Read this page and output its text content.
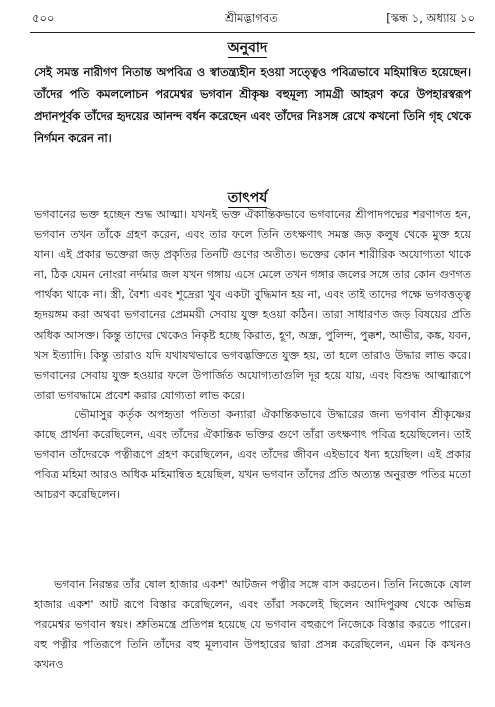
৫০০	শ্রীমদ্ভাগবত	[স্কন্ধ ১, অধ্যায় ১০
অনুবাদ

সেই সমস্ত নারীগণ নিতান্ত অপবিত্র ও স্বাতন্ত্র্যহীন হওয়া সত্ত্বেও পবিত্রভাবে মহিমান্বিত হয়েছেন। তাঁদের পতি কমললোচন পরমেশ্বর ভগবান শ্রীকৃষ্ণ বহুমূল্য সামগ্রী আহরণ করে উপহারস্বরূপ প্রদানপূর্বক তাঁদের হৃদয়ের আনন্দ বর্ধন করেছেন এবং তাঁদের নিঃসঙ্গ রেখে কখনো তিনি গৃহ থেকে নির্গমন করেন না।

তাৎপর্য

ভগবানের ভক্ত হচ্ছেন শুদ্ধ আত্মা। যখনই ভক্ত ঐকান্তিকভাবে ভগবানের শ্রীপাদপদ্মের শরণাগত হন, ভগবান তখন তাঁকে গ্রহণ করেন, এবং তার ফলে তিনি তৎক্ষণাৎ সমস্ত জড় কলুষ থেকে মুক্ত হয়ে যান। এই প্রকার ভক্তেরা জড় প্রকৃতির তিনটি গুণের অতীত। ভক্তের কোন শারীরিক অযোগ্যতা থাকে না, ঠিক যেমন নোংরা নর্দমার জল যখন গঙ্গায় এসে মেলে তখন গঙ্গার জলের সঙ্গে তার কোন গুণগত পার্থক্য থাকে না। স্ত্রী, বৈশ্য এবং শূদ্রেরা খুব একটা বুদ্ধিমান হয় না, এবং তাই তাদের পক্ষে ভগবত্তত্ত্ব হৃদয়ঙ্গম করা অথবা ভগবানের প্রেমময়ী সেবায় যুক্ত হওয়া কঠিন। তারা সাধারণত জড় বিষয়ের প্রতি অধিক আসক্ত। কিন্তু তাদের থেকেও নিকৃষ্ট হচ্ছে কিরাত, হূণ, অন্ধ্র, পুলিন্দ, পুক্কশ, আভীর, কঙ্ক, যবন, খস ইত্যাদি। কিন্তু তারাও যদি যথাযথভাবে ভগবদ্ভক্তিতে যুক্ত হয়, তা হলে তারাও উদ্ধার লাভ করে। ভগবানের সেবায় যুক্ত হওয়ার ফলে উপার্জিত অযোগ্যতাগুলি দূর হয়ে যায়, এবং বিশুদ্ধ আত্মারূপে তারা ভগবদ্ধামে প্রবেশ করার যোগ্যতা লাভ করে।

ভৌমাসুর কর্তৃক অপহৃতা পতিতা কন্যারা ঐকান্তিকভাবে উদ্ধারের জন্য ভগবান শ্রীকৃষ্ণের কাছে প্রার্থনা করেছিলেন, এবং তাঁদের ঐকান্তিক ভক্তির গুণে তাঁরা তৎক্ষণাৎ পবিত্র হয়েছিলেন। তাই ভগবান তাঁদেরকে পত্নীরূপে গ্রহণ করেছিলেন, এবং তাঁদের জীবন এইভাবে ধন্য হয়েছিল। এই প্রকার পবিত্র মহিমা আরও অধিক মহিমান্বিত হয়েছিল, যখন ভগবান তাঁদের প্রতি অত্যন্ত অনুরক্ত পতির মতো আচরণ করেছিলেন।

ভগবান নিরন্তর তাঁর ষোল হাজার একশ' আটজন পত্নীর সঙ্গে বাস করতেন। তিনি নিজেকে ষোল হাজার একশ' আট রূপে বিস্তার করেছিলেন, এবং তাঁরা সকলেই ছিলেন আদিপুরুষ থেকে অভিন্ন পরমেশ্বর ভগবান স্বয়ং। শ্রুতিমন্ত্রে প্রতিপন্ন হয়েছে যে ভগবান বহুরূপে নিজেকে বিস্তার করতে পারেন। বহু পত্নীর পতিরূপে তিনি তাঁদের বহু মূল্যবান উপহারের দ্বারা প্রসন্ন করেছিলেন, এমন কি কখনও কখনও
